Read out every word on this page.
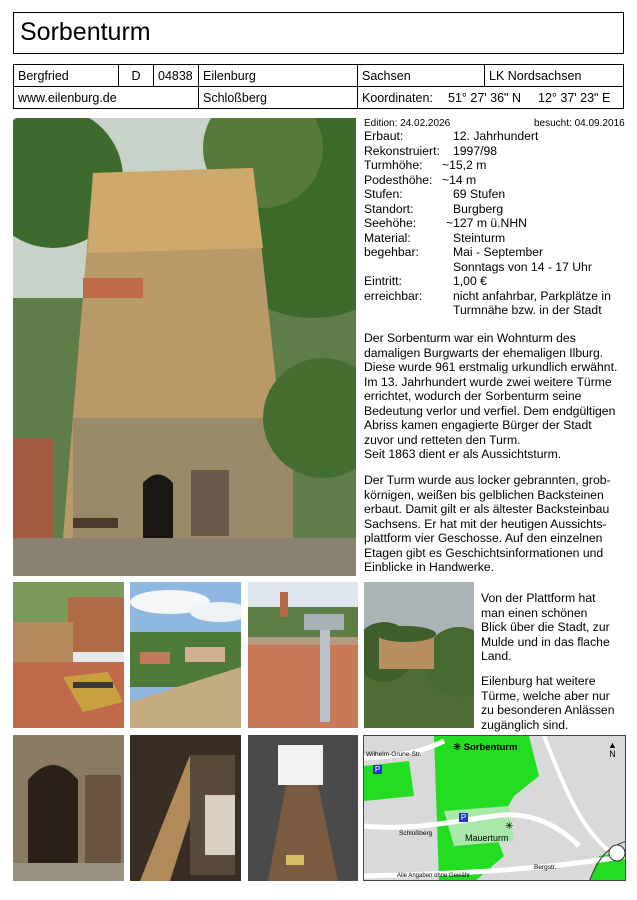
Sorbenturm
Bergfried	D	04838	Eilenburg	Sachsen	LK Nordsachsen
www.eilenburg.de			Schloßberg	Koordinaten: 51° 27' 36" N 12° 37' 23" E	
Edition: 24.02.2026	besucht: 04.09.2016
Erbaut:	12. Jahrhundert
Rekonstruiert: 1997/98
Turmhöhe: ~15,2 m
Podesthöhe: ~14 m
Stufen:	69 Stufen
Standort:	Burgberg
Seehöhe: ~127 m ü.NHN
Material:	Steinturm
begehbar:	Mai - September
Sonntags von 14 - 17 Uhr
Eintritt:	1,00 €
erreichbar:	nicht anfahrbar, Parkplätze in
Turmnähe bzw. in der Stadt
Der Sorbenturm war ein Wohnturm des
damaligen Burgwarts der ehemaligen Ilburg.
Diese wurde 961 erstmalig urkundlich erwähnt.
Im 13. Jahrhundert wurde zwei weitere Türme
errichtet, wodurch der Sorbenturm seine
Bedeutung verlor und verfiel. Dem endgültigen
Abriss kamen engagierte Bürger der Stadt
zuvor und retteten den Turm.
Seit 1863 dient er als Aussichtsturm.
Der Turm wurde aus locker gebrannten, grob-
körnigen, weißen bis gelblichen Backsteinen
erbaut. Damit gilt er als ältester Backsteinbau
Sachsens. Er hat mit der heutigen Aussichts-
plattform vier Geschosse. Auf den einzelnen
Etagen gibt es Geschichtsinformationen und
Einblicke in Handwerke.
Von der Plattform hat
man einen schönen
Blick über die Stadt, zur
Mulde und in das flache
Land.
Eilenburg hat weitere
Türme, welche aber nur
zu besonderen Anlässen
zugänglich sind.
✳ Sorbenturm
Mauerturm
✳
Wilhelm-Grune-Str.
Schloßberg
Bergstr.
P
P
▲
N
Alle Angaben ohne Gewähr
